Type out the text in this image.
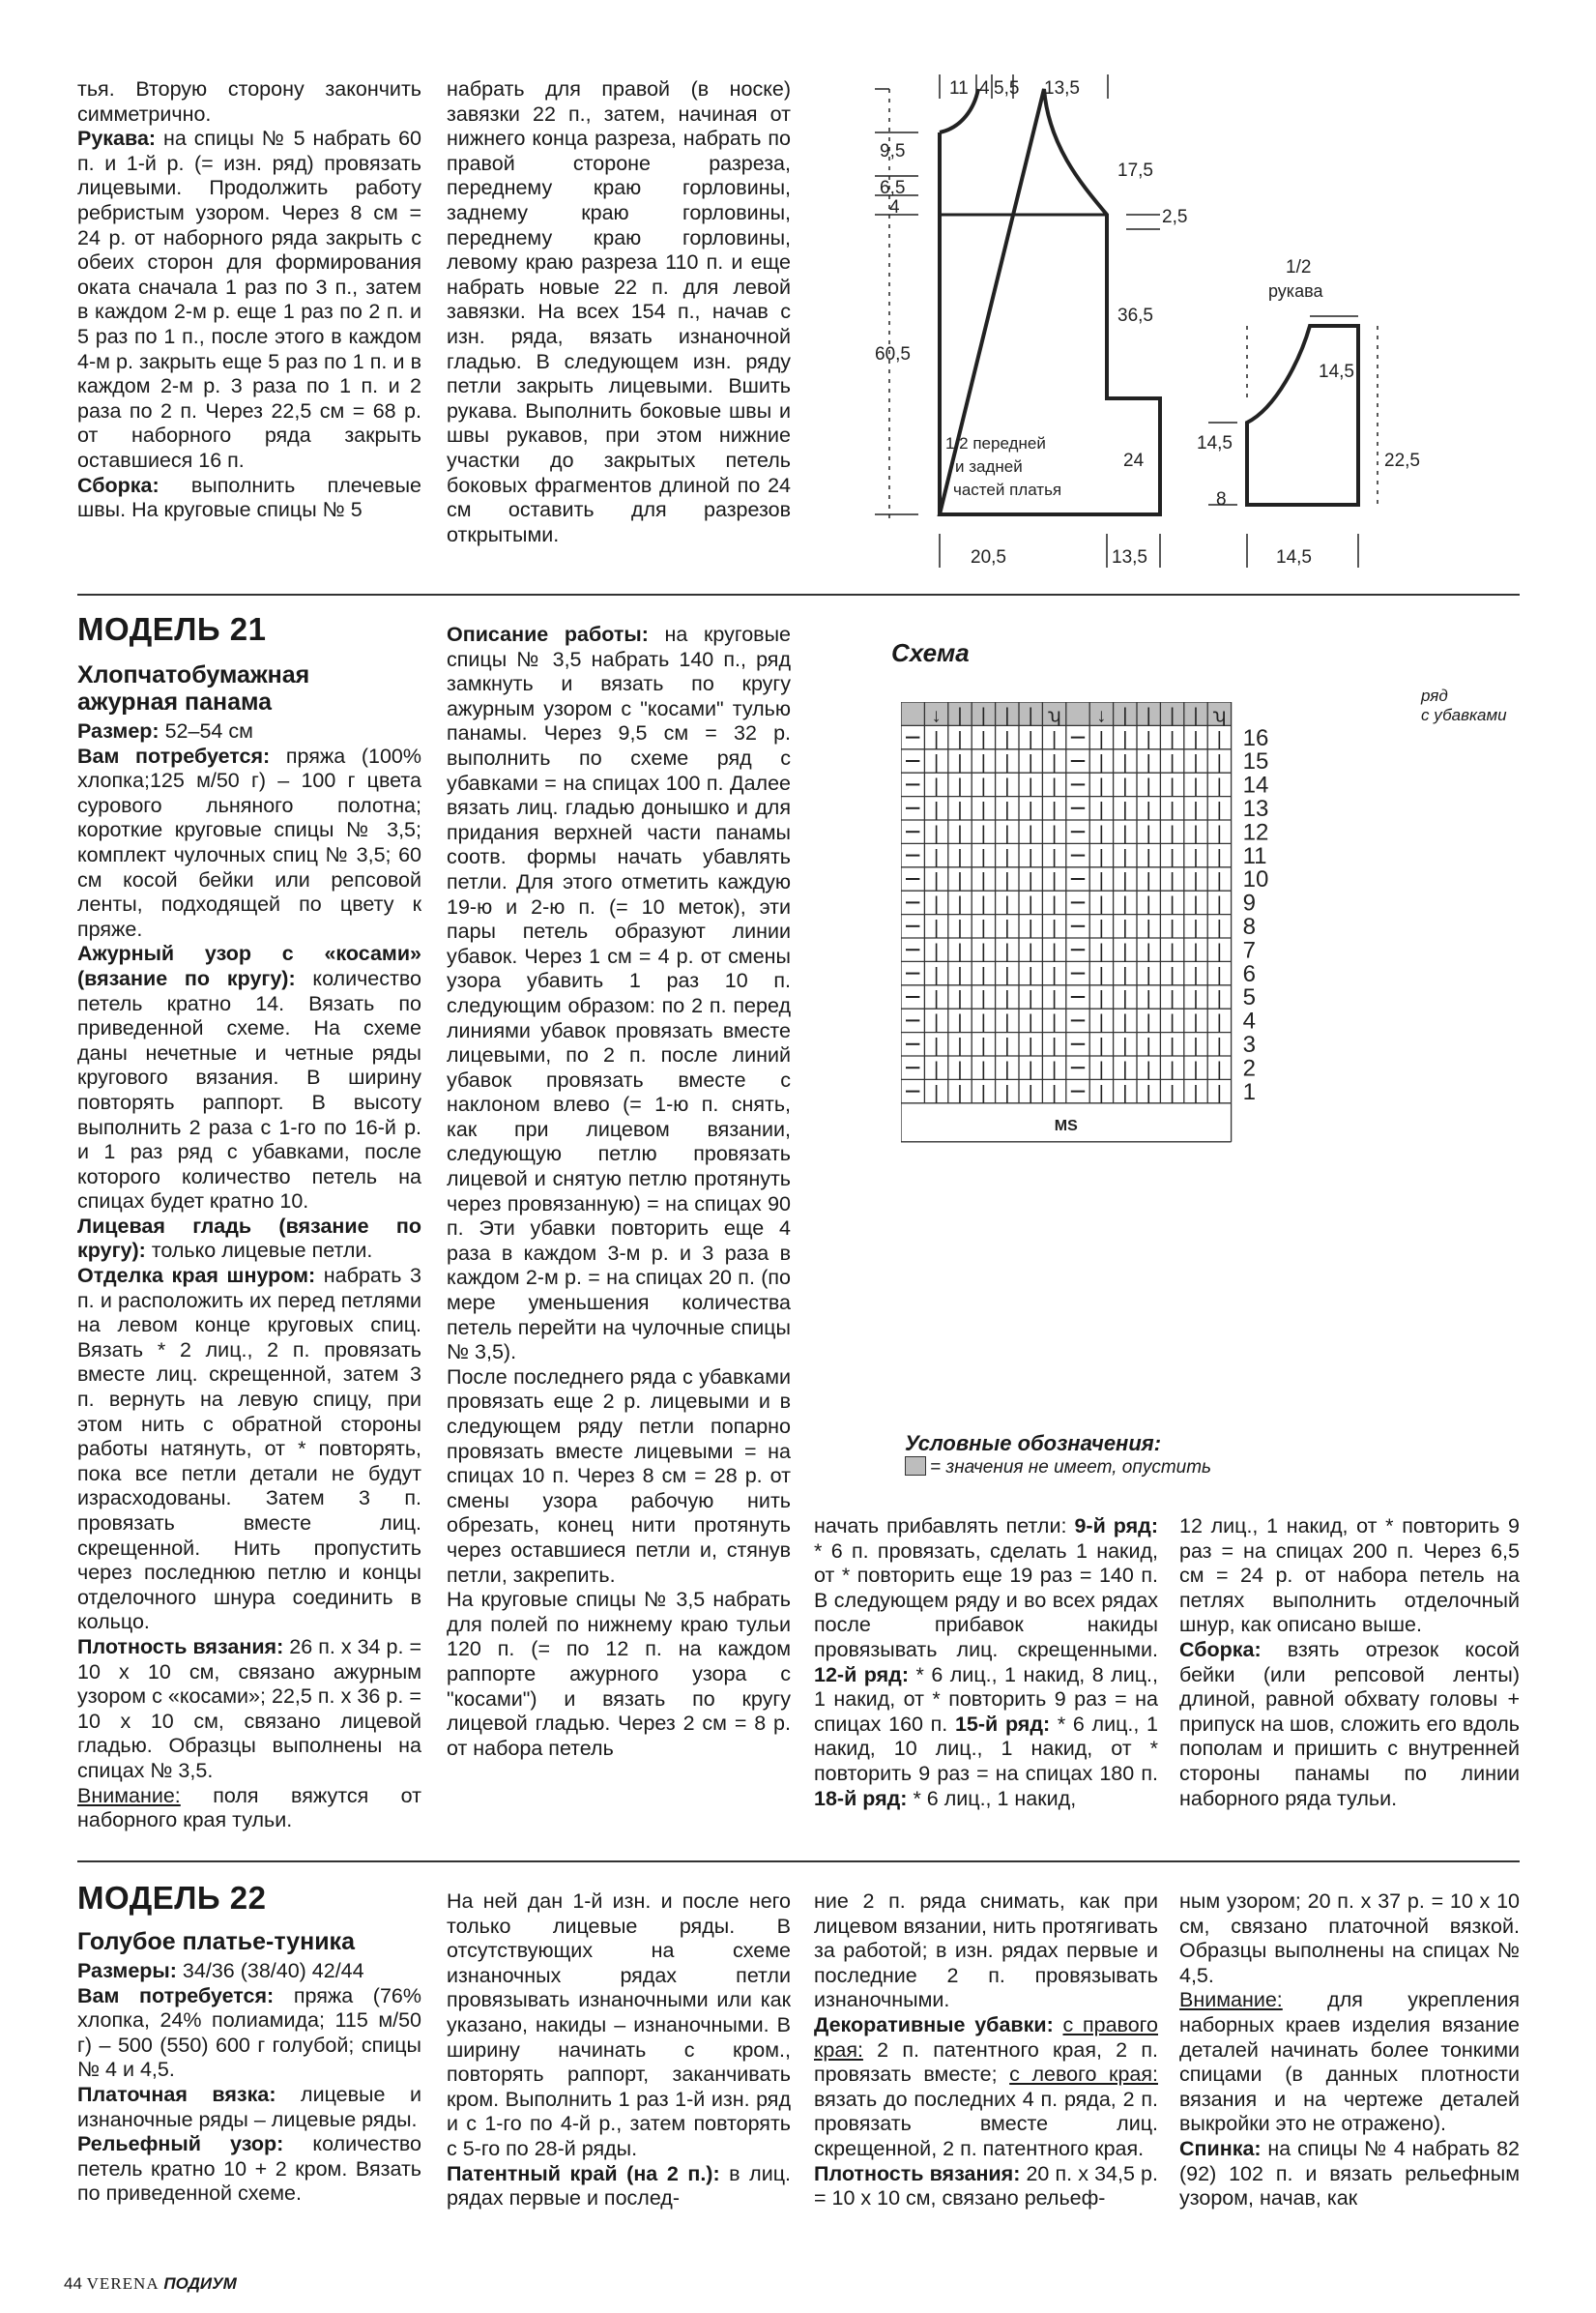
тья. Вторую сторону закончить симметрично.

Рукава: на спицы № 5 набрать 60 п. и 1-й р. (= изн. ряд) провязать лицевыми. Продолжить работу ребристым узором. Через 8 см = 24 р. от наборного ряда закрыть с обеих сторон для формирования оката сначала 1 раз по 3 п., затем в каждом 2-м р. еще 1 раз по 2 п. и 5 раз по 1 п., после этого в каждом 4-м р. закрыть еще 5 раз по 1 п. и в каждом 2-м р. 3 раза по 1 п. и 2 раза по 2 п. Через 22,5 см = 68 р. от наборного ряда закрыть оставшиеся 16 п.

Сборка: выполнить плечевые швы. На круговые спицы № 5

набрать для правой (в носке) завязки 22 п., затем, начиная от нижнего конца разреза, набрать по правой стороне разреза, переднему краю горловины, заднему краю горловины, переднему краю горловины, левому краю разреза 110 п. и еще набрать новые 22 п. для левой завязки. На всех 154 п., начав с изн. ряда, вязать изнаночной гладью. В следующем изн. ряду петли закрыть лицевыми. Вшить рукава. Выполнить боковые швы и швы рукавов, при этом нижние участки до закрытых петель боковых фрагментов длиной по 24 см оставить для разрезов открытыми.

11 4 5,5 13,5
9,5
6,5
4
17,5
2,5
36,5
60,5
1/2
рукава
14,5
14,5
22,5
8
24
1/2 передней
и задней
частей платья
20,5	13,5	14,5
МОДЕЛЬ 21

Хлопчатобумажная

ажурная панама

Размер: 52–54 см

Вам потребуется: пряжа (100% хлопка;125 м/50 г) – 100 г цвета сурового льняного полотна; короткие круговые спицы № 3,5; комплект чулочных спиц № 3,5; 60 см косой бейки или репсовой ленты, подходящей по цвету к пряже.

Ажурный узор с «косами» (вязание по кругу): количество петель кратно 14. Вязать по приведенной схеме. На схеме даны нечетные и четные ряды кругового вязания. В ширину повторять раппорт. В высоту выполнить 2 раза с 1-го по 16-й р. и 1 раз ряд с убавками, после которого количество петель на спицах будет кратно 10.

Лицевая гладь (вязание по кругу): только лицевые петли.

Отделка края шнуром: набрать 3 п. и расположить их перед петлями на левом конце круговых спиц. Вязать * 2 лиц., 2 п. провязать вместе лиц. скрещенной, затем 3 п. вернуть на левую спицу, при этом нить с обратной стороны работы натянуть, от * повторять, пока все петли детали не будут израсходованы. Затем 3 п. провязать вместе лиц. скрещенной. Нить пропустить через последнюю петлю и концы отделочного шнура соединить в кольцо.

Плотность вязания: 26 п. х 34 р. = 10 х 10 см, связано ажурным узором с «косами»; 22,5 п. х 36 р. = 10 х 10 см, связано лицевой гладью. Образцы выполнены на спицах № 3,5.

Внимание: поля вяжутся от наборного края тульи.

Описание работы: на круговые спицы № 3,5 набрать 140 п., ряд замкнуть и вязать по кругу ажурным узором с "косами" тулью панамы. Через 9,5 см = 32 р. выполнить по схеме ряд с убавками = на спицах 100 п. Далее вязать лиц. гладью донышко и для придания верхней части панамы соотв. формы начать убавлять петли. Для этого отметить каждую 19-ю и 2-ю п. (= 10 меток), эти пары петель образуют линии убавок. Через 1 см = 4 р. от смены узора убавить 1 раз 10 п. следующим образом: по 2 п. перед линиями убавок провязать вместе лицевыми, по 2 п. после линий убавок провязать вместе с наклоном влево (= 1-ю п. снять, как при лицевом вязании, следующую петлю провязать лицевой и снятую петлю протянуть через провязанную) = на спицах 90 п. Эти убавки повторить еще 4 раза в каждом 3-м р. и 3 раза в каждом 2-м р. = на спицах 20 п. (по мере уменьшения количества петель перейти на чулочные спицы № 3,5).

После последнего ряда с убавками провязать еще 2 р. лицевыми и в следующем ряду петли попарно провязать вместе лицевыми = на спицах 10 п. Через 8 см = 28 р. от смены узора рабочую нить обрезать, конец нити протянуть через оставшиеся петли и, стянув петли, закрепить.

На круговые спицы № 3,5 набрать для полей по нижнему краю тульи 120 п. (= по 12 п. на каждом раппорте ажурного узора с "косами") и вязать по кругу лицевой гладью. Через 2 см = 8 р. от набора петель

Схема
ряд
с убавками
MS
16
15
14
13
12
11
10
9
8
7
6
5
4
3
2
1
| | | | | | | | | | | |
| | | | | | | | | | | |
| | | | | | | | | | | |
| | | | | | | | | | | |
| | | | | | | | | | | |
| | | | | | | | | | | |
| | | | | | | | | | | |
| | | | | | | | | | | |
| | | | | | | | | | | |
| | | | | | | | | | | |
| | | | | | | | | | | |
| | | | | | | | | | | |
| | | | | | | | | | | |
| | | | | | | | | | | |
| | | | | | | | | | | |
| | | | | | | | | | | |
↓ | | | | ʮ ↓ | | | | ʮ
Условные обозначения:
= значения не имеет, опустить

начать прибавлять петли: 9-й ряд: * 6 п. провязать, сделать 1 накид, от * повторить еще 19 раз = 140 п. В следующем ряду и во всех рядах после прибавок накиды провязывать лиц. скрещенными. 12-й ряд: * 6 лиц., 1 накид, 8 лиц., 1 накид, от * повторить 9 раз = на спицах 160 п. 15-й ряд: * 6 лиц., 1 накид, 10 лиц., 1 накид, от * повторить 9 раз = на спицах 180 п. 18-й ряд: * 6 лиц., 1 накид,

12 лиц., 1 накид, от * повторить 9 раз = на спицах 200 п. Через 6,5 см = 24 р. от набора петель на петлях выполнить отделочный шнур, как описано выше.

Сборка: взять отрезок косой бейки (или репсовой ленты) длиной, равной обхвату головы + припуск на шов, сложить его вдоль пополам и пришить с внутренней стороны панамы по линии наборного ряда тульи.

МОДЕЛЬ 22

Голубое платье-туника

Размеры: 34/36 (38/40) 42/44

Вам потребуется: пряжа (76% хлопка, 24% полиамида; 115 м/50 г) – 500 (550) 600 г голубой; спицы № 4 и 4,5.

Платочная вязка: лицевые и изнаночные ряды – лицевые ряды.

Рельефный узор: количество петель кратно 10 + 2 кром. Вязать по приведенной схеме.

На ней дан 1-й изн. и после него только лицевые ряды. В отсутствующих на схеме изнаночных рядах петли провязывать изнаночными или как указано, накиды – изнаночными. В ширину начинать с кром., повторять раппорт, заканчивать кром. Выполнить 1 раз 1-й изн. ряд и с 1-го по 4-й р., затем повторять с 5-го по 28-й ряды.

Патентный край (на 2 п.): в лиц. рядах первые и послед-

ние 2 п. ряда снимать, как при лицевом вязании, нить протягивать за работой; в изн. рядах первые и последние 2 п. провязывать изнаночными.

Декоративные убавки: с правого края: 2 п. патентного края, 2 п. провязать вместе; с левого края: вязать до последних 4 п. ряда, 2 п. провязать вместе лиц. скрещенной, 2 п. патентного края.

Плотность вязания: 20 п. х 34,5 р. = 10 х 10 см, связано рельеф-

ным узором; 20 п. х 37 р. = 10 х 10 см, связано платочной вязкой. Образцы выполнены на спицах № 4,5.

Внимание: для укрепления наборных краев изделия вязание деталей начинать более тонкими спицами (в данных плотности вязания и на чертеже деталей выкройки это не отражено).

Спинка: на спицы № 4 набрать 82 (92) 102 п. и вязать рельефным узором, начав, как

44 VERENA ПОДИУМ
